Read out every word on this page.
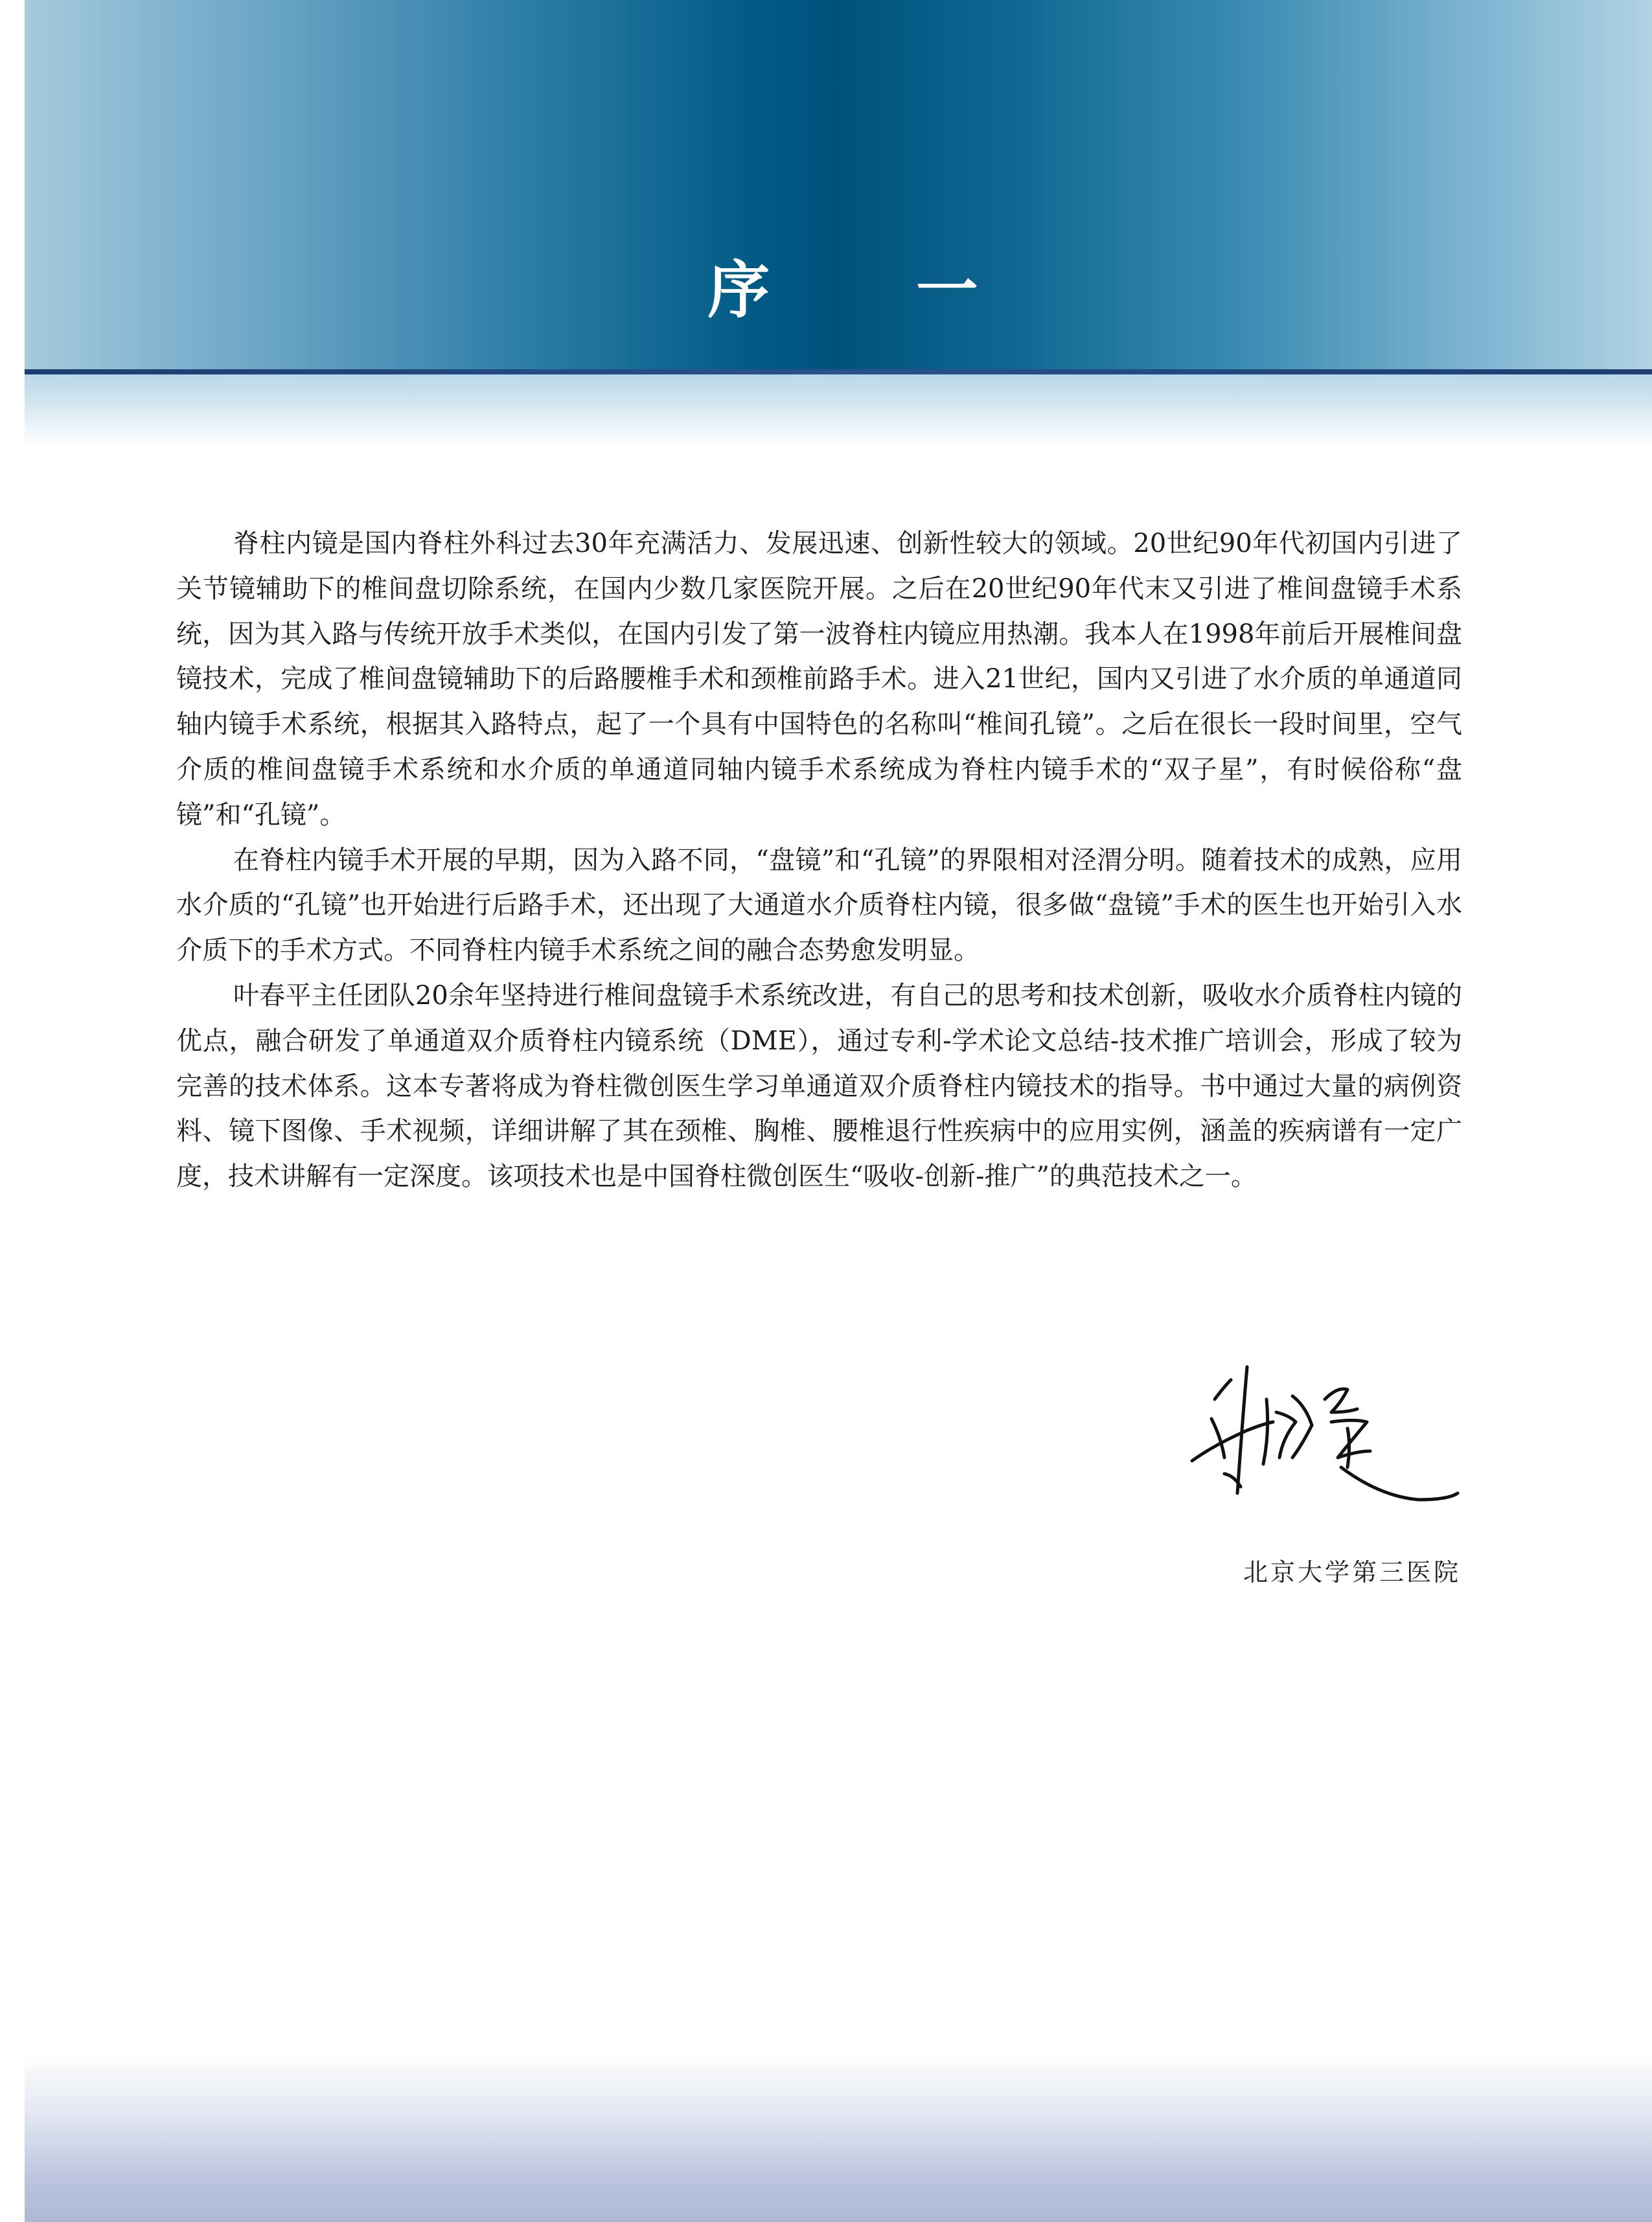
序 一

脊柱内镜是国内脊柱外科过去30年充满活力、发展迅速、创新性较大的领域。20世纪90年代初国内引进了关节镜辅助下的椎间盘切除系统，在国内少数几家医院开展。之后在20世纪90年代末又引进了椎间盘镜手术系统，因为其入路与传统开放手术类似，在国内引发了第一波脊柱内镜应用热潮。我本人在1998年前后开展椎间盘镜技术，完成了椎间盘镜辅助下的后路腰椎手术和颈椎前路手术。进入21世纪，国内又引进了水介质的单通道同轴内镜手术系统，根据其入路特点，起了一个具有中国特色的名称叫“椎间孔镜”。之后在很长一段时间里，空气介质的椎间盘镜手术系统和水介质的单通道同轴内镜手术系统成为脊柱内镜手术的“双子星”，有时候俗称“盘镜”和“孔镜”。

在脊柱内镜手术开展的早期，因为入路不同，“盘镜”和“孔镜”的界限相对泾渭分明。随着技术的成熟，应用水介质的“孔镜”也开始进行后路手术，还出现了大通道水介质脊柱内镜，很多做“盘镜”手术的医生也开始引入水介质下的手术方式。不同脊柱内镜手术系统之间的融合态势愈发明显。

叶春平主任团队20余年坚持进行椎间盘镜手术系统改进，有自己的思考和技术创新，吸收水介质脊柱内镜的优点，融合研发了单通道双介质脊柱内镜系统（DME），通过专利-学术论文总结-技术推广培训会，形成了较为完善的技术体系。这本专著将成为脊柱微创医生学习单通道双介质脊柱内镜技术的指导。书中通过大量的病例资料、镜下图像、手术视频，详细讲解了其在颈椎、胸椎、腰椎退行性疾病中的应用实例，涵盖的疾病谱有一定广度，技术讲解有一定深度。该项技术也是中国脊柱微创医生“吸收-创新-推广”的典范技术之一。

北京大学第三医院
